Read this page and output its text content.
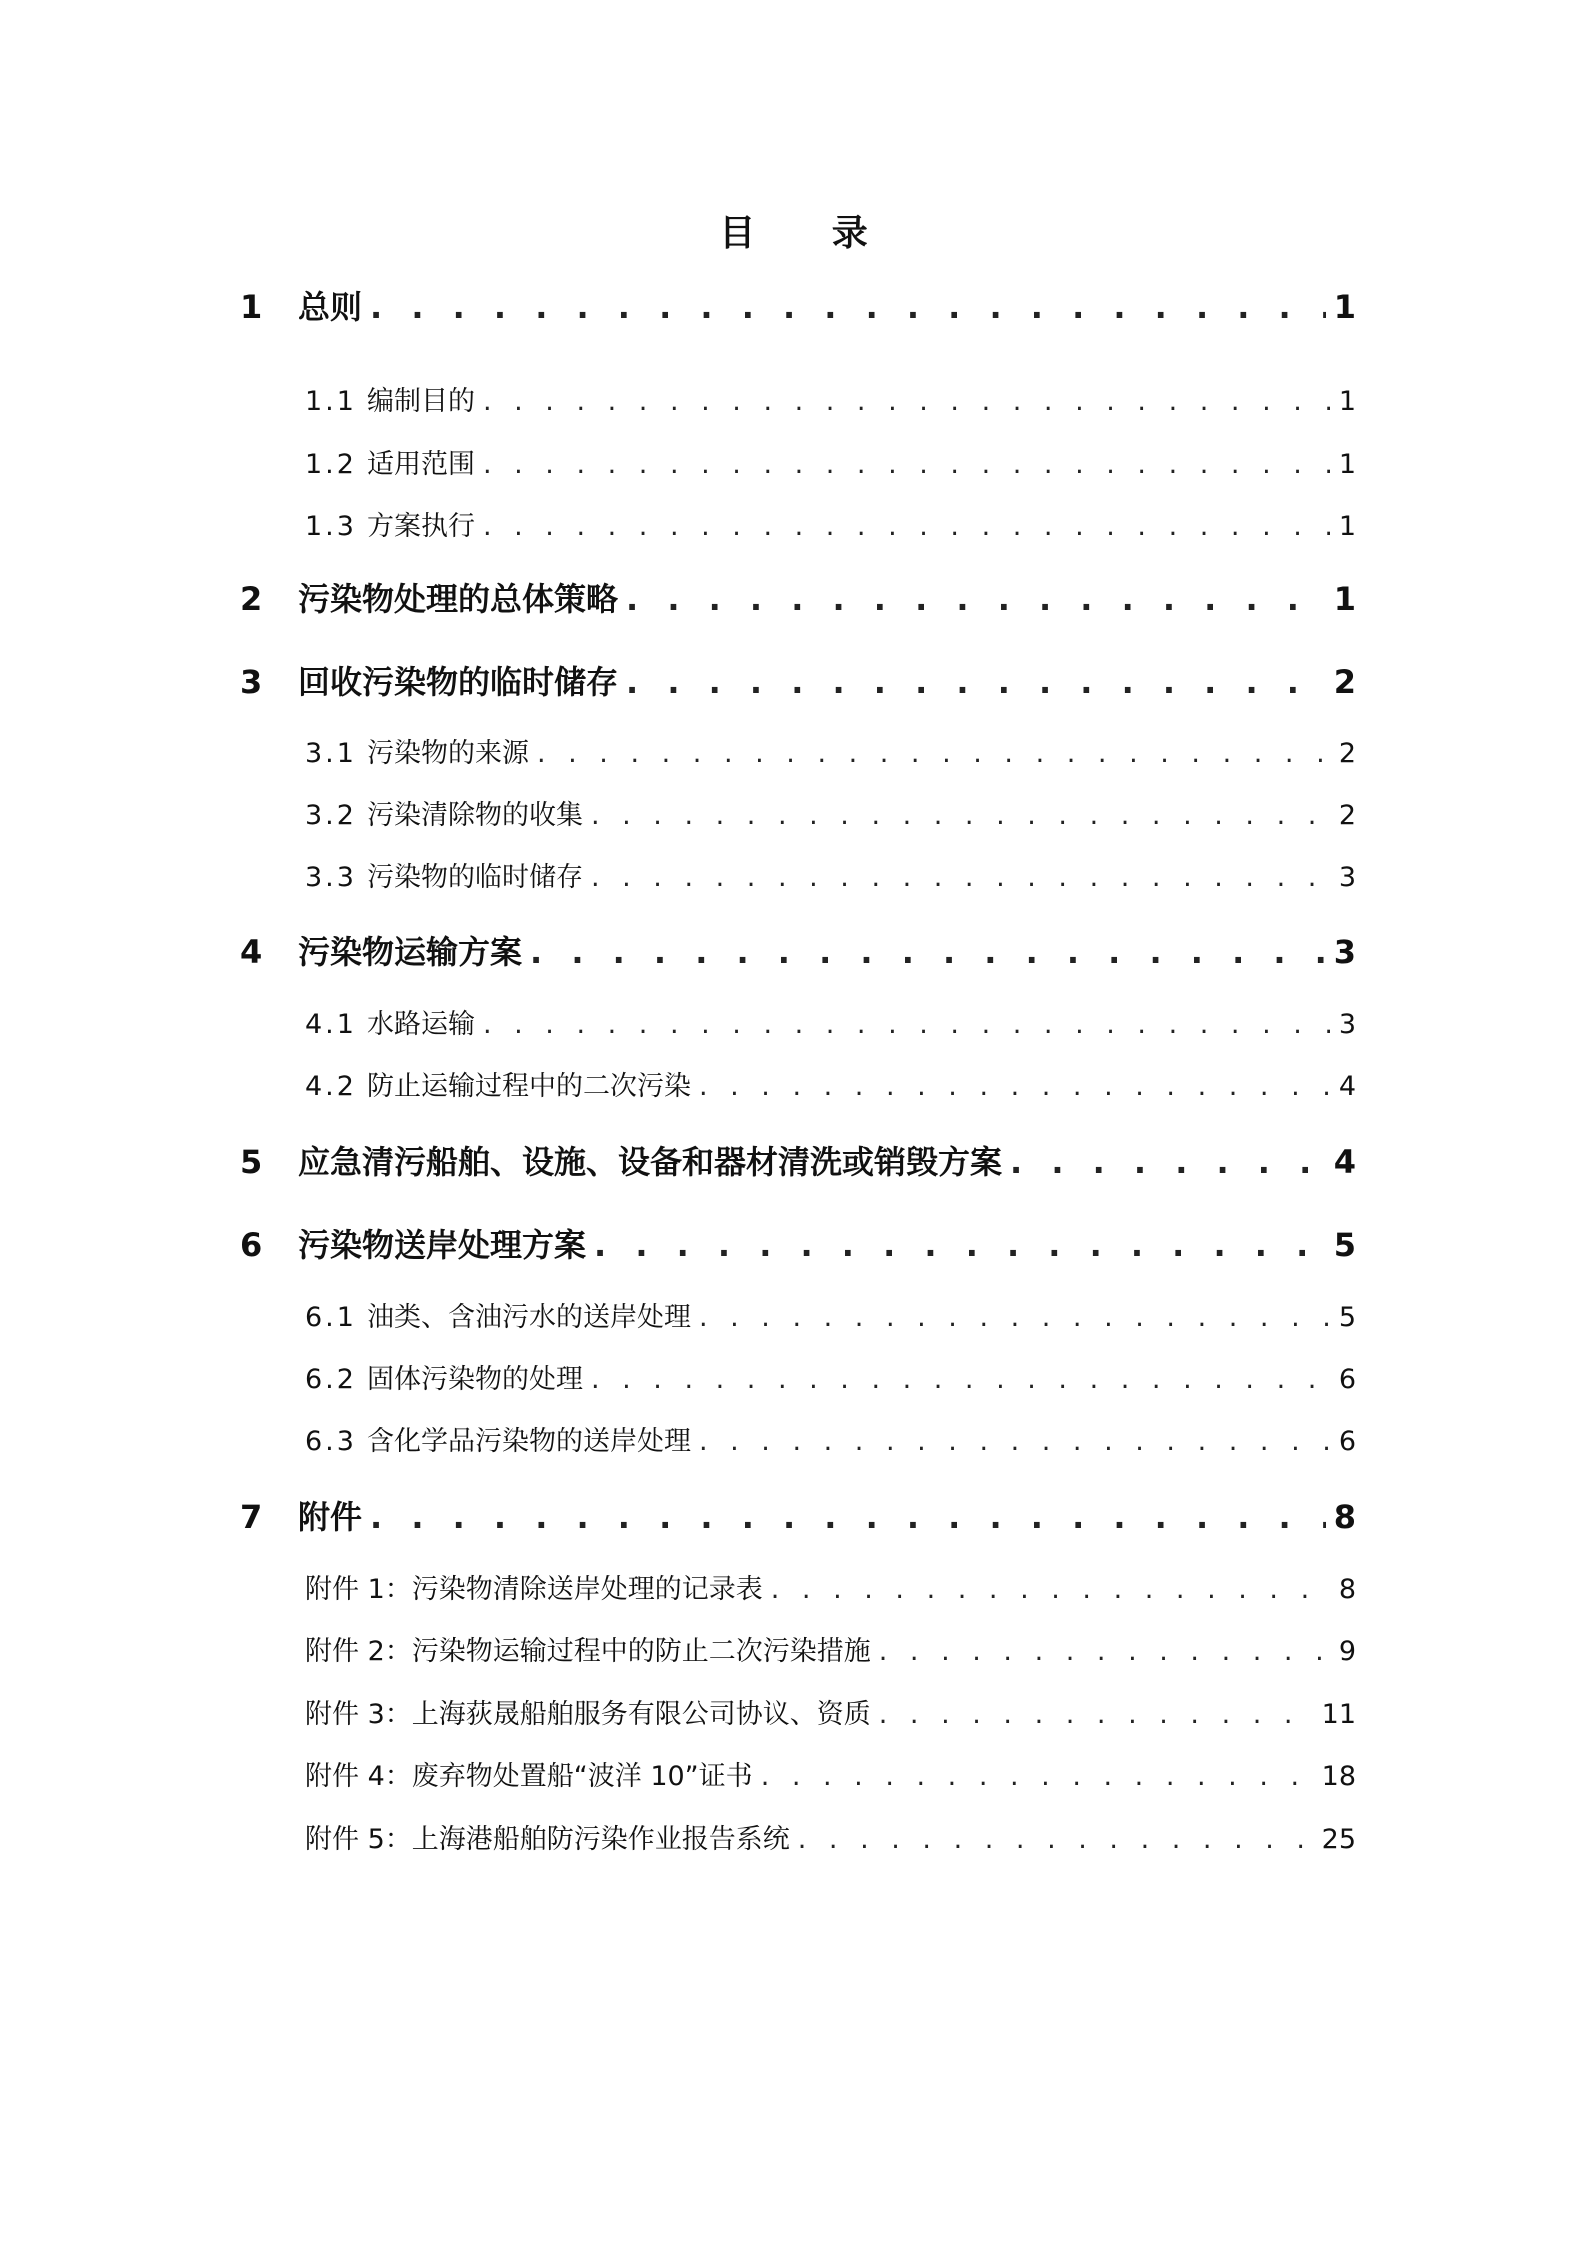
目 录
1	总则 . . .	1
1.1 编制目的 . . .	1
1.2 适用范围 . . .	1
1.3 方案执行 . . .	1
2	污染物处理的总体策略 . . .	1
3	回收污染物的临时储存 . . .	2
3.1 污染物的来源 . . .	2
3.2 污染清除物的收集 . . .	2
3.3 污染物的临时储存 . . .	3
4	污染物运输方案 . . .	3
4.1 水路运输 . . .	3
4.2 防止运输过程中的二次污染 . . .	4
5	应急清污船舶、设施、设备和器材清洗或销毁方案 . . .	4
6	污染物送岸处理方案 . . .	5
6.1 油类、含油污水的送岸处理 . . .	5
6.2 固体污染物的处理 . . .	6
6.3 含化学品污染物的送岸处理 . . .	6
7	附件 . . .	8
附件 1：污染物清除送岸处理的记录表 . . .	8
附件 2：污染物运输过程中的防止二次污染措施 . . .	9
附件 3：上海荻晟船舶服务有限公司协议、资质 . . .	11
附件 4：废弃物处置船“波洋 10”证书 . . .	18
附件 5：上海港船舶防污染作业报告系统 . . .	25
